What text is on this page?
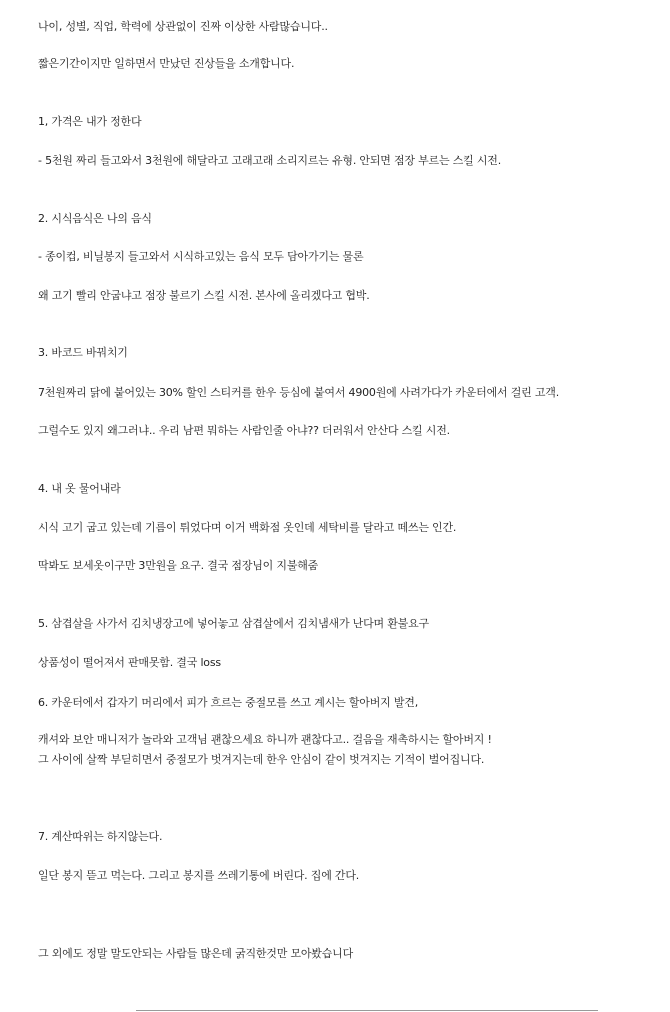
나이, 성별, 직업, 학력에 상관없이 진짜 이상한 사람많습니다..

짧은기간이지만 일하면서 만났던 진상들을 소개합니다.

1, 가격은 내가 정한다

- 5천원 짜리 들고와서 3천원에 해달라고 고래고래 소리지르는 유형. 안되면 점장 부르는 스킬 시전.

2. 시식음식은 나의 음식

- 종이컵, 비닐봉지 들고와서 시식하고있는 음식 모두 담아가기는 물론

왜 고기 빨리 안굽냐고 점장 불르기 스킬 시전. 본사에 올리겠다고 협박.

3. 바코드 바꿔치기

7천원짜리 닭에 붙어있는 30% 할인 스티커를 한우 등심에 붙여서 4900원에 사려가다가 카운터에서 걸린 고객.

그럴수도 있지 왜그러냐.. 우리 남편 뭐하는 사람인줄 아냐?? 더러워서 안산다 스킬 시전.

4. 내 옷 물어내라

시식 고기 굽고 있는데 기름이 튀었다며 이거 백화점 옷인데 세탁비를 달라고 떼쓰는 인간.

딱봐도 보세옷이구만 3만원을 요구. 결국 점장님이 지불해줌

5. 삼겹살을 사가서 김치냉장고에 넣어놓고 삼겹살에서 김치냄새가 난다며 환불요구

상품성이 떨어져서 판매못함. 결국 loss

6. 카운터에서 갑자기 머리에서 피가 흐르는 중절모를 쓰고 계시는 할아버지 발견,

캐셔와 보안 매니저가 놀라와 고객님 괜찮으세요 하니까 괜찮다고.. 걸음을 재촉하시는 할아버지 !

그 사이에 살짝 부딛히면서 중절모가 벗겨지는데 한우 안심이 같이 벗겨지는 기적이 벌어집니다.

7. 계산따위는 하지않는다.

일단 봉지 뜯고 먹는다. 그리고 봉지를 쓰레기통에 버린다. 집에 간다.

그 외에도 정말 말도안되는 사람들 많은데 굵직한것만 모아봤습니다
